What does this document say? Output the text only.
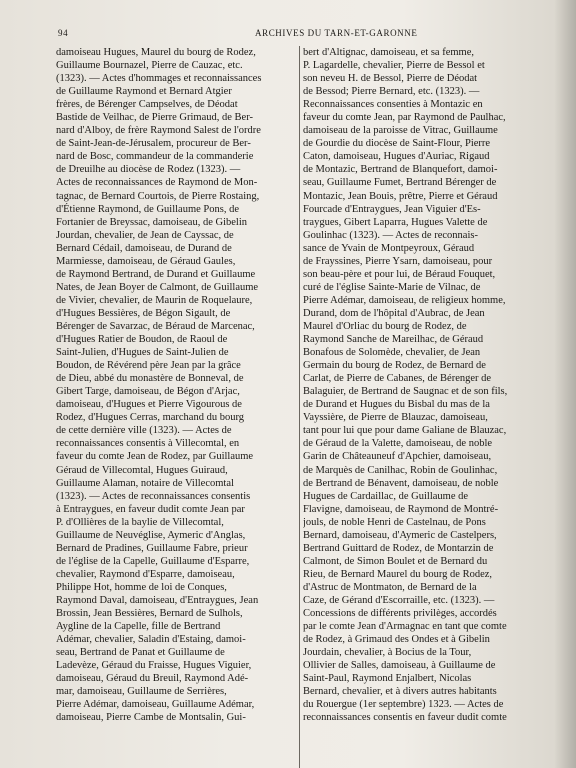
94	ARCHIVES DU TARN-ET-GARONNE
damoiseau Hugues, Maurel du bourg de Rodez,
Guillaume Bournazel, Pierre de Cauzac, etc.
(1323). — Actes d'hommages et reconnaissances
de Guillaume Raymond et Bernard Atgier
frères, de Bérenger Campselves, de Déodat
Bastide de Veilhac, de Pierre Grimaud, de Ber-
nard d'Alboy, de frère Raymond Salest de l'ordre
de Saint-Jean-de-Jérusalem, procureur de Ber-
nard de Bosc, commandeur de la commanderie
de Dreuilhe au diocèse de Rodez (1323). —
Actes de reconnaissances de Raymond de Mon-
tagnac, de Bernard Courtois, de Pierre Rostaing,
d'Étienne Raymond, de Guillaume Pons, de
Fortanier de Breyssac, damoiseau, de Gibelin
Jourdan, chevalier, de Jean de Cayssac, de
Bernard Cédail, damoiseau, de Durand de
Marmiesse, damoiseau, de Géraud Gaules,
de Raymond Bertrand, de Durand et Guillaume
Nates, de Jean Boyer de Calmont, de Guillaume
de Vivier, chevalier, de Maurin de Roquelaure,
d'Hugues Bessières, de Bégon Sigault, de
Bérenger de Savarzac, de Béraud de Marcenac,
d'Hugues Ratier de Boudon, de Raoul de
Saint-Julien, d'Hugues de Saint-Julien de
Boudon, de Révérend père Jean par la grâce
de Dieu, abbé du monastère de Bonneval, de
Gibert Targe, damoiseau, de Bégon d'Arjac,
damoiseau, d'Hugues et Pierre Vigourous de
Rodez, d'Hugues Cerras, marchand du bourg
de cette dernière ville (1323). — Actes de
reconnaissances consentis à Villecomtal, en
faveur du comte Jean de Rodez, par Guillaume
Géraud de Villecomtal, Hugues Guiraud,
Guillaume Alaman, notaire de Villecomtal
(1323). — Actes de reconnaissances consentis
à Entraygues, en faveur dudit comte Jean par
P. d'Ollières de la baylie de Villecomtal,
Guillaume de Neuvéglise, Aymeric d'Anglas,
Bernard de Pradines, Guillaume Fabre, prieur
de l'église de la Capelle, Guillaume d'Esparre,
chevalier, Raymond d'Esparre, damoiseau,
Philippe Hot, homme de loi de Conques,
Raymond Daval, damoiseau, d'Entraygues, Jean
Brossin, Jean Bessières, Bernard de Sulhols,
Aygline de la Capelle, fille de Bertrand
Adémar, chevalier, Saladin d'Estaing, damoi-
seau, Bertrand de Panat et Guillaume de
Ladevèze, Géraud du Fraisse, Hugues Viguier,
damoiseau, Géraud du Breuil, Raymond Adé-
mar, damoiseau, Guillaume de Serrières,
Pierre Adémar, damoiseau, Guillaume Adémar,
damoiseau, Pierre Cambe de Montsalin, Gui-
bert d'Altignac, damoiseau, et sa femme,
P. Lagardelle, chevalier, Pierre de Bessol et
son neveu H. de Bessol, Pierre de Déodat
de Bessod; Pierre Bernard, etc. (1323). —
Reconnaissances consenties à Montazic en
faveur du comte Jean, par Raymond de Paulhac,
damoiseau de la paroisse de Vitrac, Guillaume
de Gourdie du diocèse de Saint-Flour, Pierre
Caton, damoiseau, Hugues d'Auriac, Rigaud
de Montazic, Bertrand de Blanquefort, damoi-
seau, Guillaume Fumet, Bertrand Bérenger de
Montazic, Jean Bouis, prêtre, Pierre et Géraud
Fourcade d'Entraygues, Jean Viguier d'Es-
traygues, Gibert Laparra, Hugues Valette de
Goulinhac (1323). — Actes de reconnais-
sance de Yvain de Montpeyroux, Géraud
de Frayssines, Pierre Ysarn, damoiseau, pour
son beau-père et pour lui, de Béraud Fouquet,
curé de l'église Sainte-Marie de Vilnac, de
Pierre Adémar, damoiseau, de religieux homme,
Durand, dom de l'hôpital d'Aubrac, de Jean
Maurel d'Orliac du bourg de Rodez, de
Raymond Sanche de Mareilhac, de Géraud
Bonafous de Solomède, chevalier, de Jean
Germain du bourg de Rodez, de Bernard de
Carlat, de Pierre de Cabanes, de Bérenger de
Balaguier, de Bertrand de Saugnac et de son fils,
de Durand et Hugues du Bisbal du mas de la
Vayssière, de Pierre de Blauzac, damoiseau,
tant pour lui que pour dame Galiane de Blauzac,
de Géraud de la Valette, damoiseau, de noble
Garin de Châteauneuf d'Apchier, damoiseau,
de Marquès de Canilhac, Robin de Goulinhac,
de Bertrand de Bénavent, damoiseau, de noble
Hugues de Cardaillac, de Guillaume de
Flavigne, damoiseau, de Raymond de Montré-
jouls, de noble Henri de Castelnau, de Pons
Bernard, damoiseau, d'Aymeric de Castelpers,
Bertrand Guittard de Rodez, de Montarzin de
Calmont, de Simon Boulet et de Bernard du
Rieu, de Bernard Maurel du bourg de Rodez,
d'Astruc de Montmaton, de Bernard de la
Caze, de Gérand d'Escorraille, etc. (1323). —
Concessions de différents privilèges, accordés
par le comte Jean d'Armagnac en tant que comte
de Rodez, à Grimaud des Ondes et à Gibelin
Jourdain, chevalier, à Bocius de la Tour,
Ollivier de Salles, damoiseau, à Guillaume de
Saint-Paul, Raymond Enjalbert, Nicolas
Bernard, chevalier, et à divers autres habitants
du Rouergue (1er septembre) 1323. — Actes de
reconnaissances consentis en faveur dudit comte
